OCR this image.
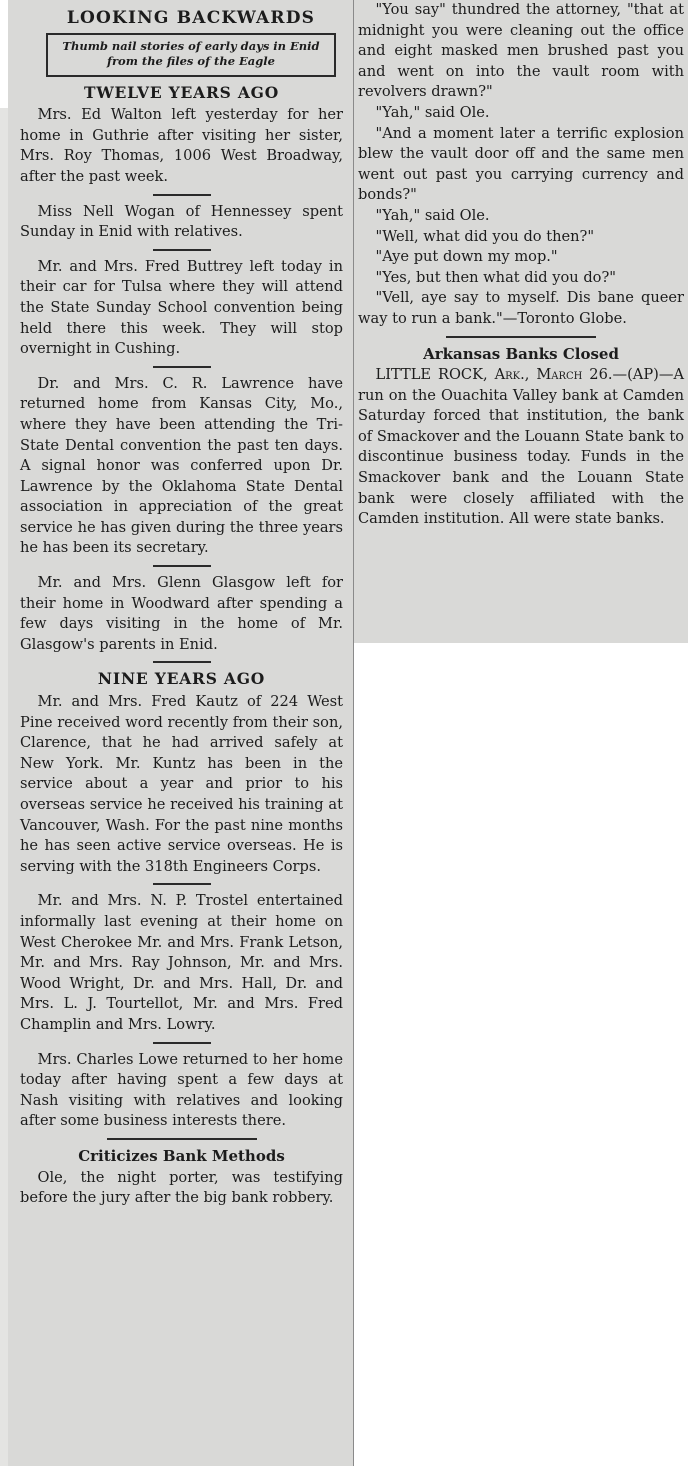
LOOKING BACKWARDS
Thumb nail stories of early days in Enid from the files of the Eagle
TWELVE YEARS AGO

Mrs. Ed Walton left yesterday for her home in Guthrie after visiting her sister, Mrs. Roy Thomas, 1006 West Broadway, after the past week.

Miss Nell Wogan of Hennessey spent Sunday in Enid with relatives.

Mr. and Mrs. Fred Buttrey left today in their car for Tulsa where they will attend the State Sunday School convention being held there this week. They will stop overnight in Cushing.

Dr. and Mrs. C. R. Lawrence have returned home from Kansas City, Mo., where they have been attending the Tri-State Dental convention the past ten days. A signal honor was conferred upon Dr. Lawrence by the Oklahoma State Dental association in appreciation of the great service he has given during the three years he has been its secretary.

Mr. and Mrs. Glenn Glasgow left for their home in Woodward after spending a few days visiting in the home of Mr. Glasgow's parents in Enid.

NINE YEARS AGO

Mr. and Mrs. Fred Kautz of 224 West Pine received word recently from their son, Clarence, that he had arrived safely at New York. Mr. Kuntz has been in the service about a year and prior to his overseas service he received his training at Vancouver, Wash. For the past nine months he has seen active service overseas. He is serving with the 318th Engineers Corps.

Mr. and Mrs. N. P. Trostel entertained informally last evening at their home on West Cherokee Mr. and Mrs. Frank Letson, Mr. and Mrs. Ray Johnson, Mr. and Mrs. Wood Wright, Dr. and Mrs. Hall, Dr. and Mrs. L. J. Tourtellot, Mr. and Mrs. Fred Champlin and Mrs. Lowry.

Mrs. Charles Lowe returned to her home today after having spent a few days at Nash visiting with relatives and looking after some business interests there.

Criticizes Bank Methods

Ole, the night porter, was testifying before the jury after the big bank robbery.

"You say" thundred the attorney, "that at midnight you were cleaning out the office and eight masked men brushed past you and went on into the vault room with revolvers drawn?"

"Yah," said Ole.

"And a moment later a terrific explosion blew the vault door off and the same men went out past you carrying currency and bonds?"

"Yah," said Ole.

"Well, what did you do then?"

"Aye put down my mop."

"Yes, but then what did you do?"

"Vell, aye say to myself. Dis bane queer way to run a bank."—Toronto Globe.

Arkansas Banks Closed

LITTLE ROCK, Ark., March 26.—(AP)—A run on the Ouachita Valley bank at Camden Saturday forced that institution, the bank of Smackover and the Louann State bank to discontinue business today. Funds in the Smackover bank and the Louann State bank were closely affiliated with the Camden institution. All were state banks.
